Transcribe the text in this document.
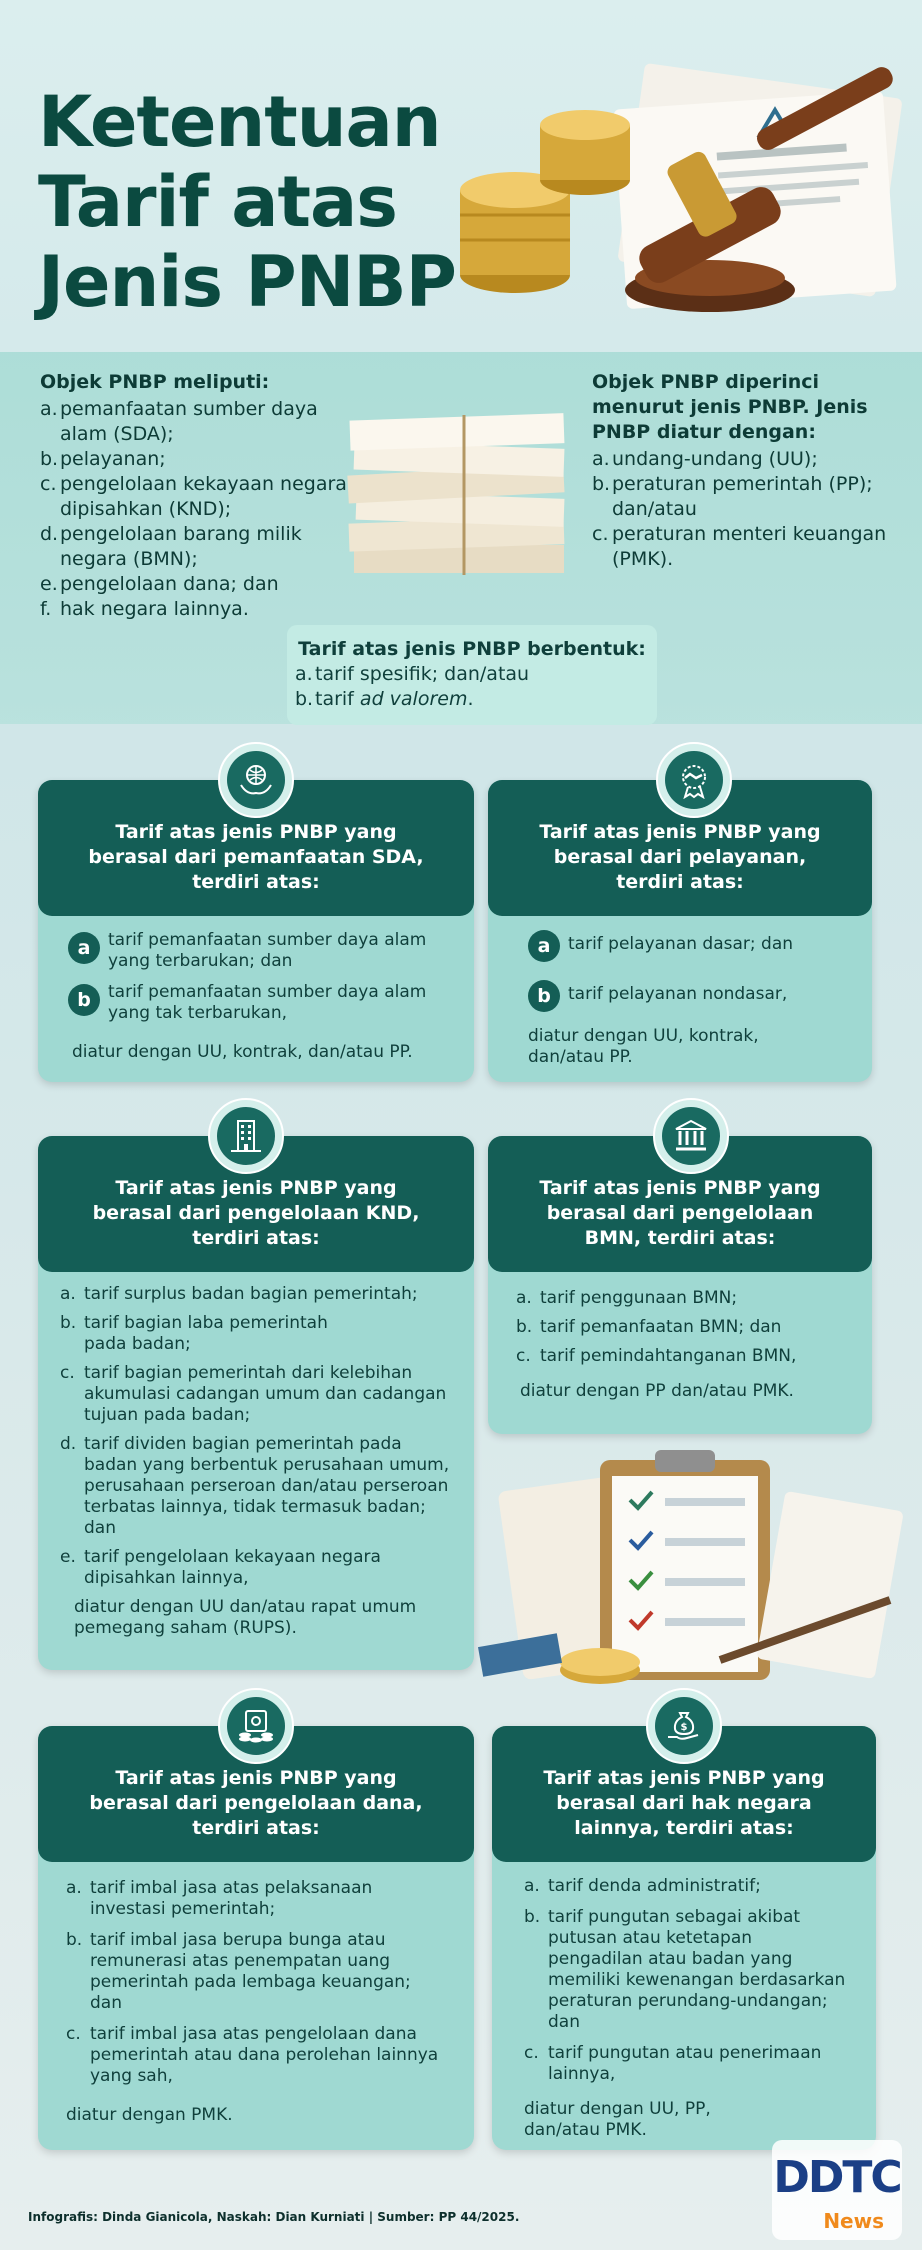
Ketentuan
Tarif atas
Jenis PNBP
Objek PNBP meliputi:
a. pemanfaatan sumber daya alam (SDA);
b. pelayanan;
c. pengelolaan kekayaan negara dipisahkan (KND);
d. pengelolaan barang milik negara (BMN);
e. pengelolaan dana; dan
f. hak negara lainnya.
Objek PNBP diperinci menurut jenis PNBP. Jenis PNBP diatur dengan:
a. undang-undang (UU);
b. peraturan pemerintah (PP); dan/atau
c. peraturan menteri keuangan (PMK).
Tarif atas jenis PNBP berbentuk:
a. tarif spesifik; dan/atau
b. tarif ad valorem.
Tarif atas jenis PNBP yang berasal dari pemanfaatan SDA, terdiri atas:
a	tarif pemanfaatan sumber daya alam yang terbarukan; dan
b	tarif pemanfaatan sumber daya alam yang tak terbarukan,
diatur dengan UU, kontrak, dan/atau PP.
Tarif atas jenis PNBP yang berasal dari pelayanan, terdiri atas:
a	tarif pelayanan dasar; dan
b	tarif pelayanan nondasar,
diatur dengan UU, kontrak, dan/atau PP.
Tarif atas jenis PNBP yang berasal dari pengelolaan KND, terdiri atas:
a. tarif surplus badan bagian pemerintah;
b. tarif bagian laba pemerintah pada badan;
c. tarif bagian pemerintah dari kelebihan akumulasi cadangan umum dan cadangan tujuan pada badan;
d. tarif dividen bagian pemerintah pada badan yang berbentuk perusahaan umum, perusahaan perseroan dan/atau perseroan terbatas lainnya, tidak termasuk badan; dan
e. tarif pengelolaan kekayaan negara dipisahkan lainnya,
diatur dengan UU dan/atau rapat umum pemegang saham (RUPS).
Tarif atas jenis PNBP yang berasal dari pengelolaan BMN, terdiri atas:
a. tarif penggunaan BMN;
b. tarif pemanfaatan BMN; dan
c. tarif pemindahtanganan BMN,
diatur dengan PP dan/atau PMK.
Tarif atas jenis PNBP yang berasal dari pengelolaan dana, terdiri atas:
a. tarif imbal jasa atas pelaksanaan investasi pemerintah;
b. tarif imbal jasa berupa bunga atau remunerasi atas penempatan uang pemerintah pada lembaga keuangan; dan
c. tarif imbal jasa atas pengelolaan dana pemerintah atau dana perolehan lainnya yang sah,
diatur dengan PMK.
Tarif atas jenis PNBP yang berasal dari hak negara lainnya, terdiri atas:
a. tarif denda administratif;
b. tarif pungutan sebagai akibat putusan atau ketetapan pengadilan atau badan yang memiliki kewenangan berdasarkan peraturan perundang-undangan; dan
c. tarif pungutan atau penerimaan lainnya,
diatur dengan UU, PP, dan/atau PMK.
$
Infografis: Dinda Gianicola, Naskah: Dian Kurniati | Sumber: PP 44/2025.
DDTC
News
